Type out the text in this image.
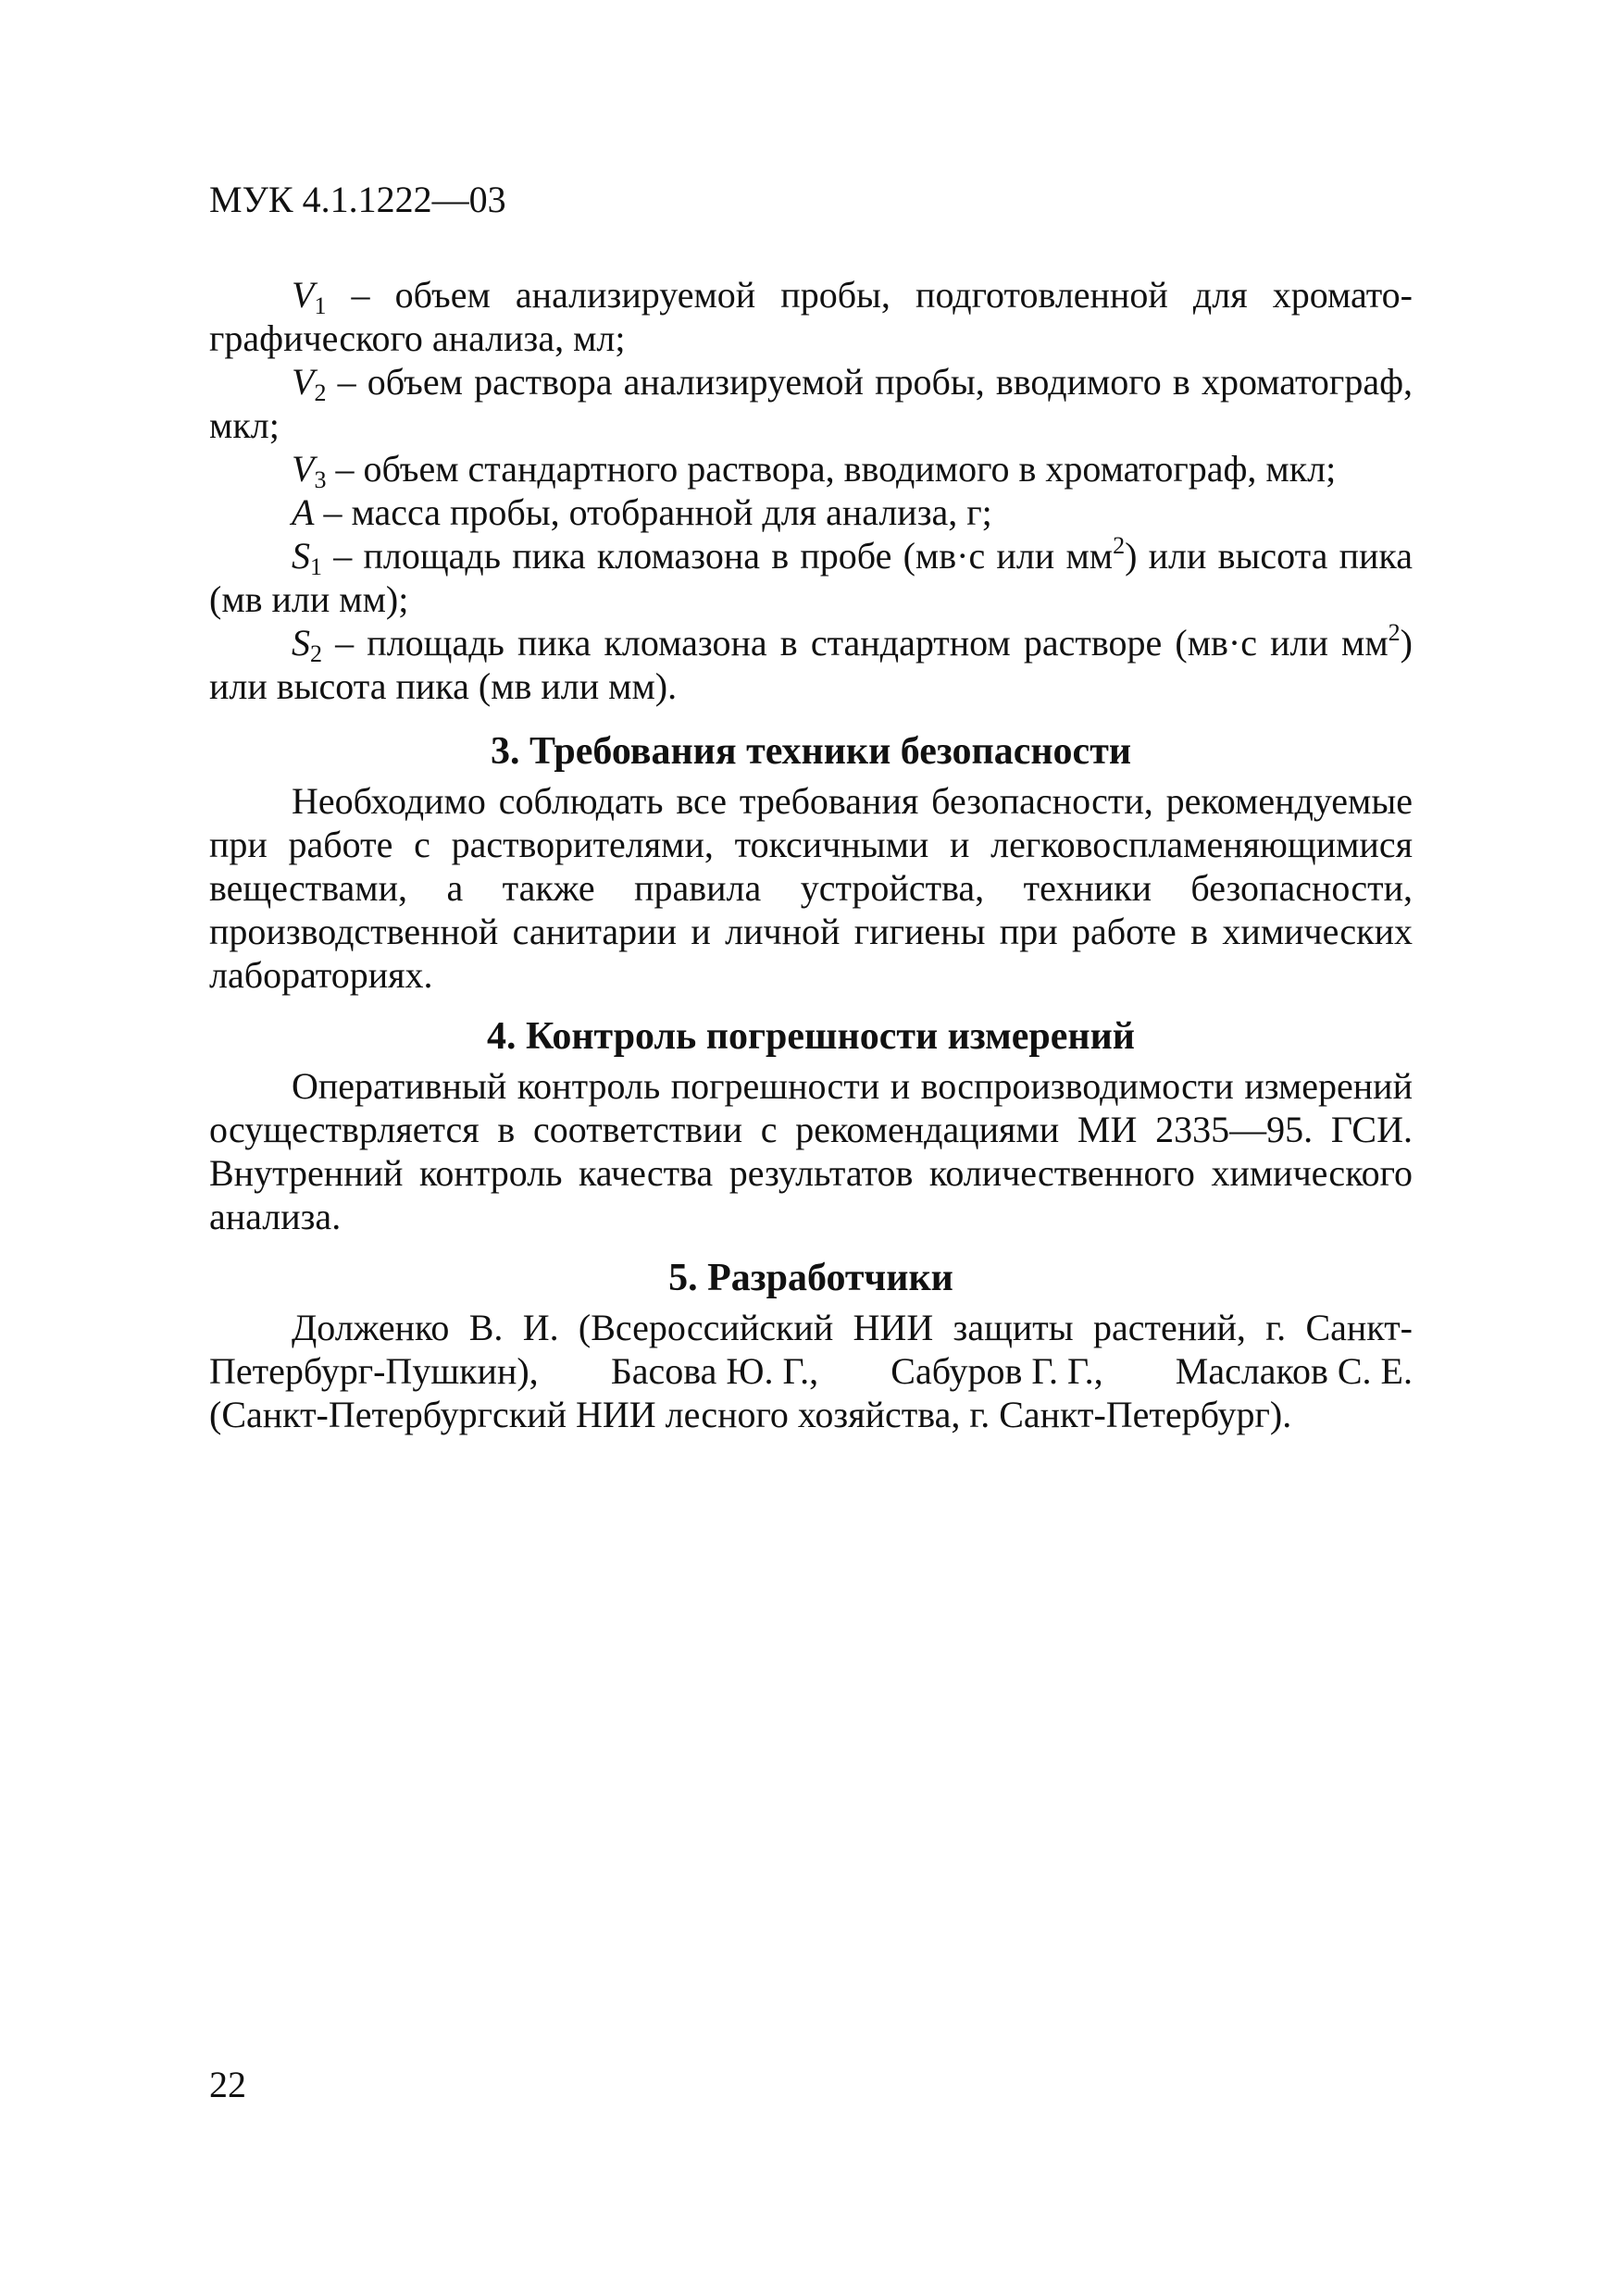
МУК 4.1.1222—03

$V_1$ – объем анализируемой пробы, подготовленной для хроматографического анализа, мл;

$V_2$ – объем раствора анализируемой пробы, вводимого в хроматограф, мкл;

$V_3$ – объем стандартного раствора, вводимого в хроматограф, мкл;

A – масса пробы, отобранной для анализа, г;

$S_1$ – площадь пика кломазона в пробе (мв·с или $мм^2$) или высота пика (мв или мм);

$S_2$ – площадь пика кломазона в стандартном растворе (мв·с или $мм^2$) или высота пика (мв или мм).

3. Требования техники безопасности

Необходимо соблюдать все требования безопасности, рекомендуемые при работе с растворителями, токсичными и легковоспламеняющимися веществами, а также правила устройства, техники безопасности, производственной санитарии и личной гигиены при работе в химических лабораториях.

4. Контроль погрешности измерений

Оперативный контроль погрешности и воспроизводимости измерений осуществрляется в соответствии с рекомендациями МИ 2335—95. ГСИ. Внутренний контроль качества результатов количественного химического анализа.

5. Разработчики
Долженко В. И. (Всероссийский НИИ защиты растений, г. Санкт-
Петербург-Пушкин), Басова Ю. Г., Сабуров Г. Г., Маслаков С. Е.
(Санкт-Петербургский НИИ лесного хозяйства, г. Санкт-Петербург).
22
